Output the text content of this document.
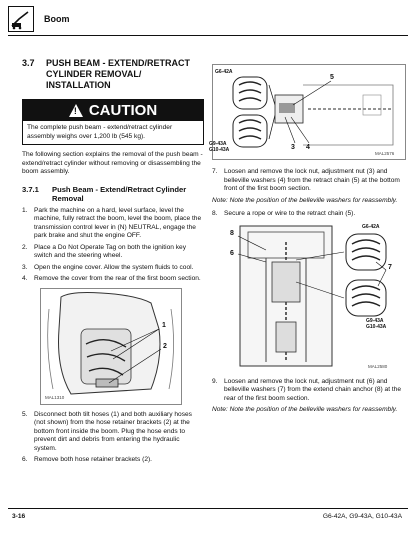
Boom
3.7	PUSH BEAM - EXTEND/RETRACT CYLINDER REMOVAL/ INSTALLATION
! CAUTION
The complete push beam - extend/retract cylinder assembly weighs over 1,200 lb (545 kg).
The following section explains the removal of the push beam - extend/retract cylinder without removing or disassembling the boom assembly.
3.7.1	Push Beam - Extend/Retract Cylinder Removal
1. Park the machine on a hard, level surface, level the machine, fully retract the boom, level the boom, place the transmission control lever in (N) NEUTRAL, engage the park brake and shut the engine OFF.
2. Place a Do Not Operate Tag on both the ignition key switch and the steering wheel.
3. Open the engine cover. Allow the system fluids to cool.
4. Remove the cover from the rear of the first boom section.
1
2
MAL1310
5. Disconnect both tilt hoses (1) and both auxiliary hoses (not shown) from the hose retainer brackets (2) at the bottom front inside the boom. Plug the hose ends to prevent dirt and debris from entering the hydraulic system.
6. Remove both hose retainer brackets (2).
G6-42A
G9-43A G10-43A
5
3 4
MAL2576
7. Loosen and remove the lock nut, adjustment nut (3) and belleville washers (4) from the retract chain (5) at the bottom front of the first boom section.
Note: Note the position of the belleville washers for reassembly.
8. Secure a rope or wire to the retract chain (5).
8
6
7
G6-42A
G9-43A G10-43A
MAL2580
9. Loosen and remove the lock nut, adjustment nut (6) and belleville washers (7) from the extend chain anchor (8) at the rear of the first boom section.
Note: Note the position of the belleville washers for reassembly.
3-16	G6-42A, G9-43A, G10-43A
